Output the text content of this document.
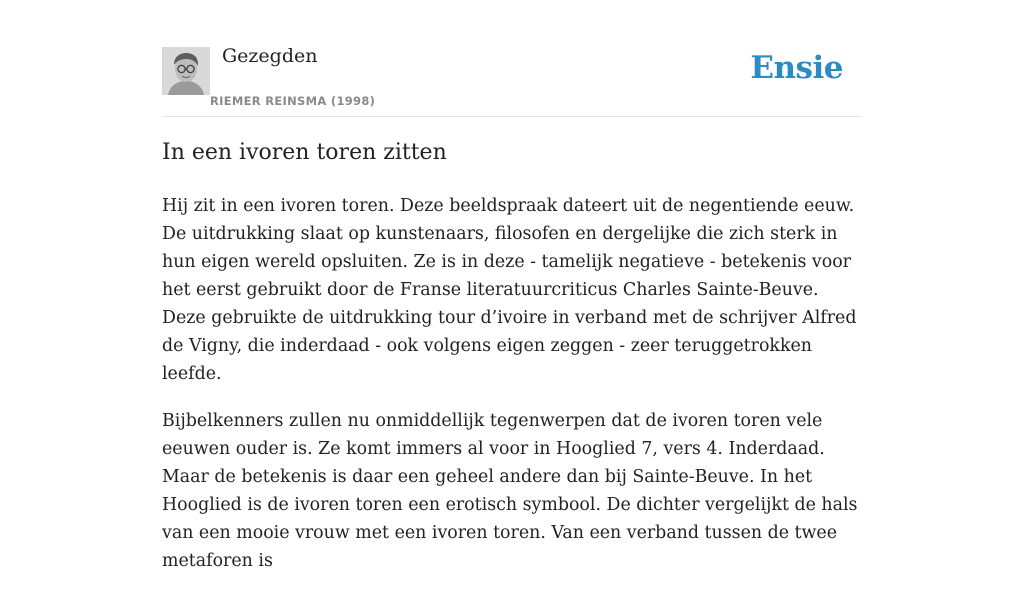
Gezegden
RIEMER REINSMA (1998)
Ensie
In een ivoren toren zitten

Hij zit in een ivoren toren. Deze beeldspraak dateert uit de negentiende eeuw. De uitdrukking slaat op kunstenaars, filosofen en dergelijke die zich sterk in hun eigen wereld opsluiten. Ze is in deze - tamelijk negatieve - betekenis voor het eerst gebruikt door de Franse literatuurcriticus Charles Sainte-Beuve. Deze gebruikte de uitdrukking tour d’ivoire in verband met de schrijver Alfred de Vigny, die inderdaad - ook volgens eigen zeggen - zeer teruggetrokken leefde.

Bijbelkenners zullen nu onmiddellijk tegenwerpen dat de ivoren toren vele eeuwen ouder is. Ze komt immers al voor in Hooglied 7, vers 4. Inderdaad. Maar de betekenis is daar een geheel andere dan bij Sainte-Beuve. In het Hooglied is de ivoren toren een erotisch symbool. De dichter vergelijkt de hals van een mooie vrouw met een ivoren toren. Van een verband tussen de twee metaforen is
